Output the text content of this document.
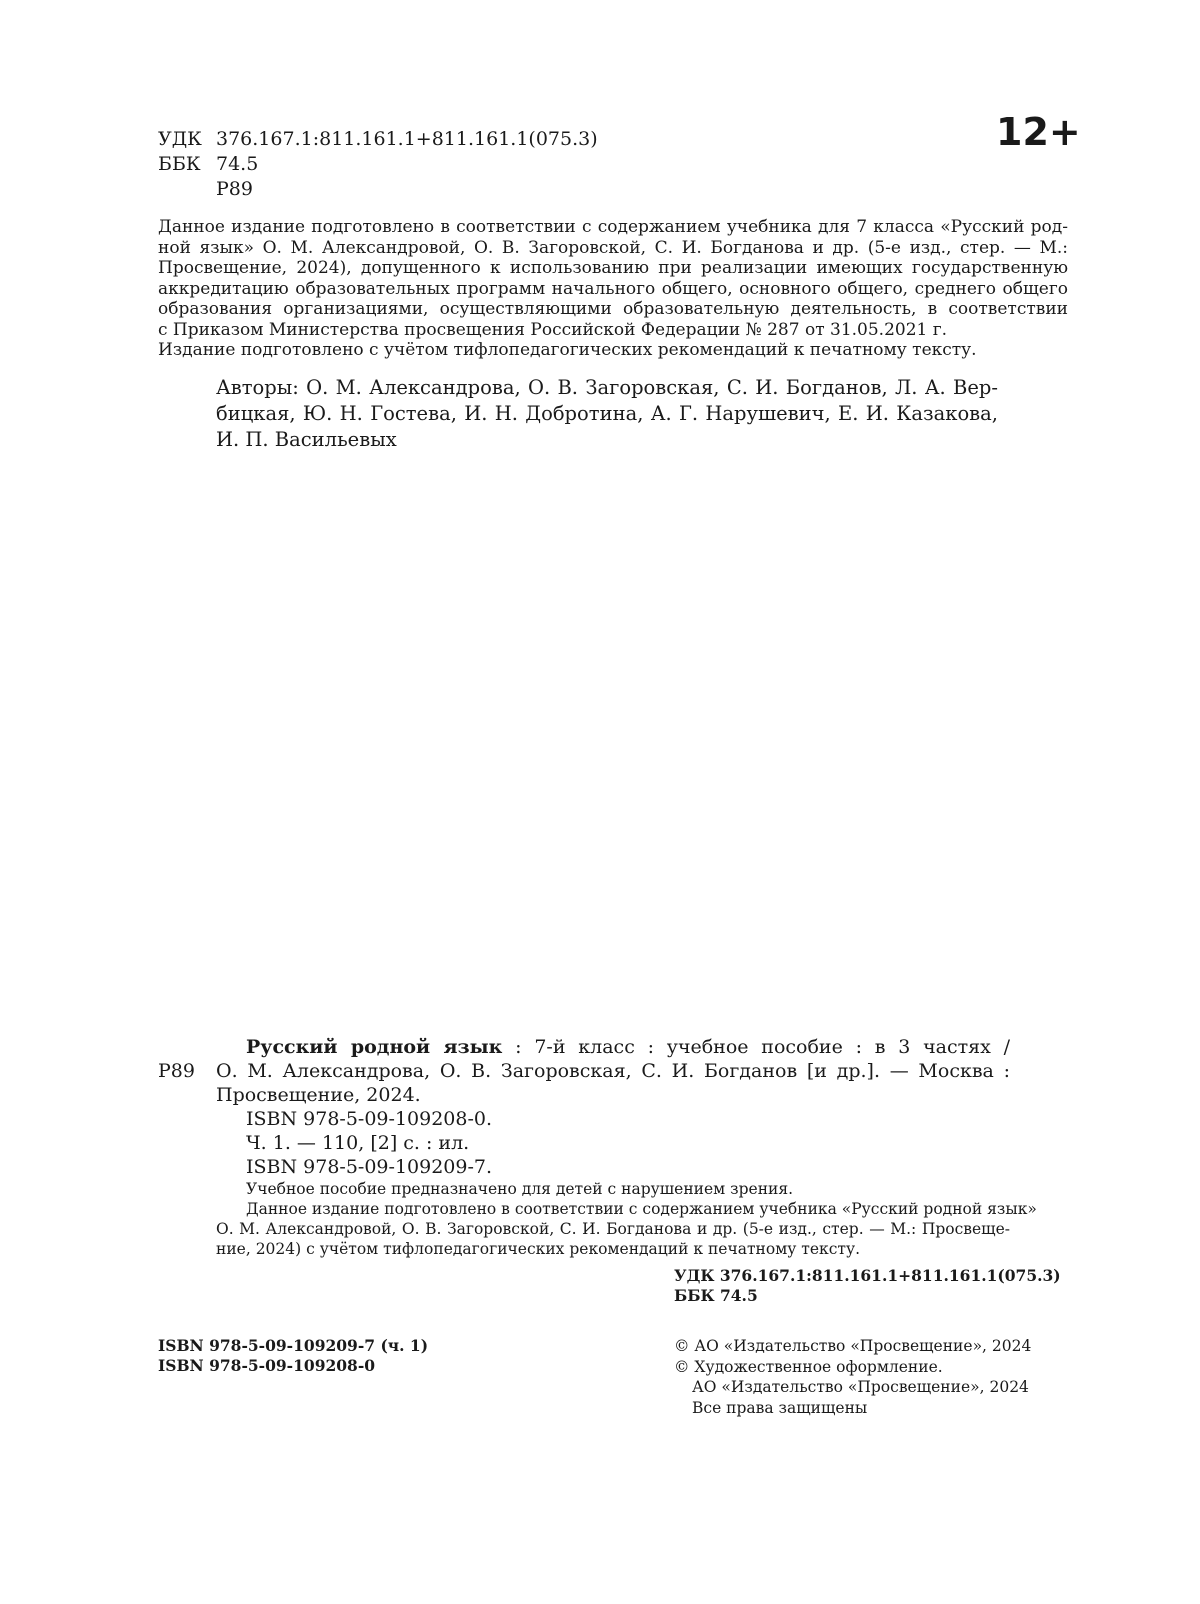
УДК 376.167.1:811.161.1+811.161.1(075.3)
ББК 74.5
Р89
12+
Данное издание подготовлено в соответствии с содержанием учебника для 7 класса «Русский род-
ной язык» О. М. Александровой, О. В. Загоровской, С. И. Богданова и др. (5-е изд., стер. — М.:
Просвещение, 2024), допущенного к использованию при реализации имеющих государственную
аккредитацию образовательных программ начального общего, основного общего, среднего общего
образования организациями, осуществляющими образовательную деятельность, в соответствии
с Приказом Министерства просвещения Российской Федерации № 287 от 31.05.2021 г.
Издание подготовлено с учётом тифлопедагогических рекомендаций к печатному тексту.
Авторы: О. М. Александрова, О. В. Загоровская, С. И. Богданов, Л. А. Вер-
бицкая, Ю. Н. Гостева, И. Н. Добротина, А. Г. Нарушевич, Е. И. Казакова,
И. П. Васильевых
Р89
Русский родной язык : 7-й класс : учебное пособие : в 3 частях /
О. М. Александрова, О. В. Загоровская, С. И. Богданов [и др.]. — Москва :
Просвещение, 2024.
ISBN 978-5-09-109208-0.
Ч. 1. — 110, [2] с. : ил.
ISBN 978-5-09-109209-7.
Учебное пособие предназначено для детей с нарушением зрения.
Данное издание подготовлено в соответствии с содержанием учебника «Русский родной язык»
О. М. Александровой, О. В. Загоровской, С. И. Богданова и др. (5-е изд., стер. — М.: Просвеще-
ние, 2024) с учётом тифлопедагогических рекомендаций к печатному тексту.
УДК 376.167.1:811.161.1+811.161.1(075.3)
ББК 74.5
ISBN 978-5-09-109209-7 (ч. 1)
ISBN 978-5-09-109208-0
© АО «Издательство «Просвещение», 2024
© Художественное оформление.
АО «Издательство «Просвещение», 2024
Все права защищены
